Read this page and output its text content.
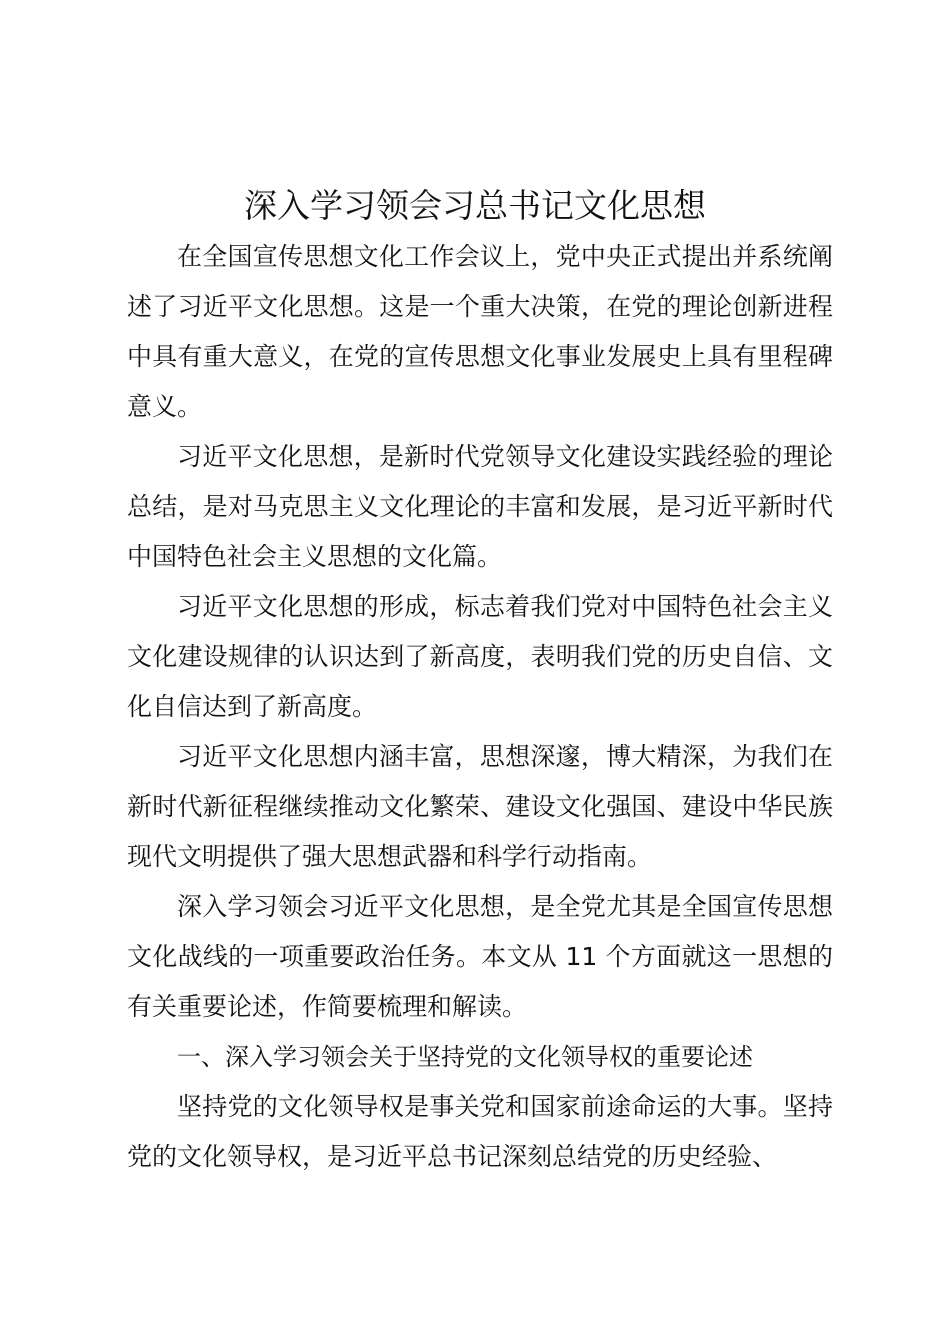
深入学习领会习总书记文化思想

在全国宣传思想文化工作会议上，党中央正式提出并系统阐述了习近平文化思想。这是一个重大决策，在党的理论创新进程中具有重大意义，在党的宣传思想文化事业发展史上具有里程碑意义。

习近平文化思想，是新时代党领导文化建设实践经验的理论总结，是对马克思主义文化理论的丰富和发展，是习近平新时代中国特色社会主义思想的文化篇。

习近平文化思想的形成，标志着我们党对中国特色社会主义文化建设规律的认识达到了新高度，表明我们党的历史自信、文化自信达到了新高度。

习近平文化思想内涵丰富，思想深邃，博大精深，为我们在新时代新征程继续推动文化繁荣、建设文化强国、建设中华民族现代文明提供了强大思想武器和科学行动指南。

深入学习领会习近平文化思想，是全党尤其是全国宣传思想文化战线的一项重要政治任务。本文从 11 个方面就这一思想的有关重要论述，作简要梳理和解读。

一、深入学习领会关于坚持党的文化领导权的重要论述

坚持党的文化领导权是事关党和国家前途命运的大事。坚持党的文化领导权，是习近平总书记深刻总结党的历史经验、
